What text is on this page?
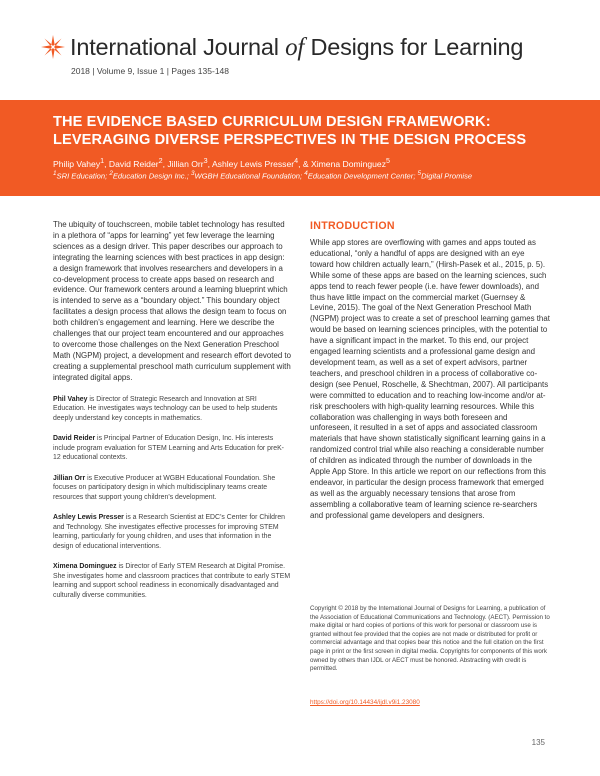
International Journal of Designs for Learning
2018 | Volume 9, Issue 1 | Pages 135-148
THE EVIDENCE BASED CURRICULUM DESIGN FRAMEWORK:
LEVERAGING DIVERSE PERSPECTIVES IN THE DESIGN PROCESS
Philip Vahey$^1$, David Reider$^2$, Jillian Orr$^3$, Ashley Lewis Presser$^4$, & Ximena Dominguez$^5$
$^1$SRI Education; $^2$Education Design Inc.; $^3$WGBH Educational Foundation; $^4$Education Development Center; $^5$Digital Promise

The ubiquity of touchscreen, mobile tablet technology has resulted in a plethora of “apps for learning” yet few leverage the learning sciences as a design driver. This paper describes our approach to integrating the learning sciences with best practices in app design: a design framework that involves researchers and developers in a co-development process to create apps based on research and evidence. Our framework centers around a learning blueprint which is intended to serve as a “boundary object.” This boundary object facilitates a design process that allows the design team to focus on both children’s engagement and learning. Here we describe the challenges that our project team encountered and our approaches to overcome those challenges on the Next Generation Preschool Math (NGPM) project, a development and research effort devoted to creating a supplemental preschool math curriculum supplement with integrated digital apps.

Phil Vahey is Director of Strategic Research and Innovation at SRI Education. He investigates ways technology can be used to help students deeply understand key concepts in mathematics.

David Reider is Principal Partner of Education Design, Inc. His interests include program evaluation for STEM Learning and Arts Education for preK-12 educational contexts.

Jillian Orr is Executive Producer at WGBH Educational Foundation. She focuses on participatory design in which multidisciplinary teams create resources that support young children’s development.

Ashley Lewis Presser is a Research Scientist at EDC’s Center for Children and Technology. She investigates effective processes for improving STEM learning, particularly for young children, and uses that information in the design of educational interventions.

Ximena Dominguez is Director of Early STEM Research at Digital Promise. She investigates home and classroom practices that contribute to early STEM learning and support school readiness in economically disadvantaged and culturally diverse communities.

INTRODUCTION

While app stores are overflowing with games and apps touted as educational, “only a handful of apps are designed with an eye toward how children actually learn,” (Hirsh-Pasek et al., 2015, p. 5). While some of these apps are based on the learning sciences, such apps tend to reach fewer people (i.e. have fewer downloads), and thus have little impact on the commercial market (Guernsey & Levine, 2015). The goal of the Next Generation Preschool Math (NGPM) project was to create a set of preschool learning games that would be based on learning sciences principles, with the potential to have a significant impact in the market. To this end, our project engaged learning scientists and a professional game design and development team, as well as a set of expert advisors, partner teachers, and preschool children in a process of collaborative co-design (see Penuel, Roschelle, & Shechtman, 2007). All participants were committed to education and to reaching low-income and/or at-risk preschoolers with high-quality learning resources. While this collaboration was challenging in ways both foreseen and unforeseen, it resulted in a set of apps and associated classroom materials that have shown statistically significant learning gains in a randomized control trial while also reaching a considerable number of children as indicated through the number of downloads in the Apple App Store. In this article we report on our reflections from this endeavor, in particular the design process framework that emerged as well as the arguably necessary tensions that arose from assembling a collaborative team of learning science re-searchers and professional game developers and designers.

Copyright © 2018 by the International Journal of Designs for Learning, a publication of the Association of Educational Communications and Technology. (AECT). Permission to make digital or hard copies of portions of this work for personal or classroom use is granted without fee provided that the copies are not made or distributed for profit or commercial advantage and that copies bear this notice and the full citation on the first page in print or the first screen in digital media. Copyrights for components of this work owned by others than IJDL or AECT must be honored. Abstracting with credit is permitted.

https://doi.org/10.14434/ijdl.v9i1.23080
135
